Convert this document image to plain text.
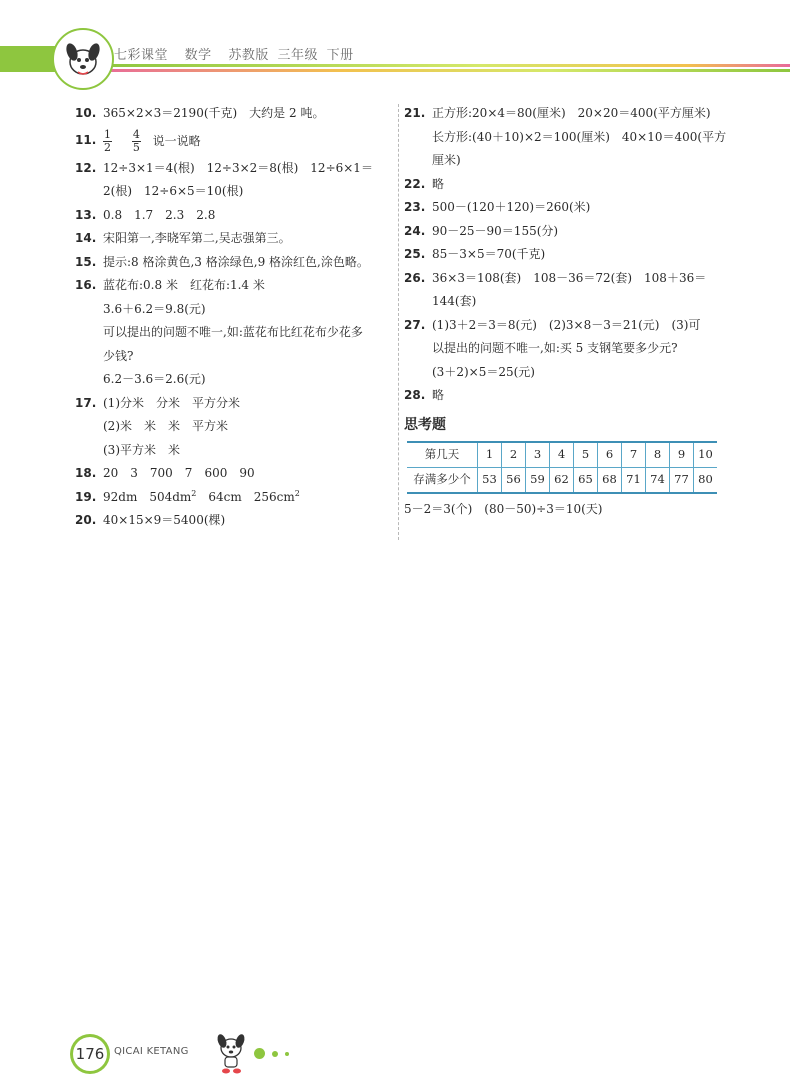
七彩课堂 数学 苏教版 三年级 下册
10. 365×2×3＝2190(千克)　大约是 2 吨。
11. $\frac{1}{2}$
$\frac{4}{5}$ 说一说略
12. 12÷3×1＝4(根)　12÷3×2＝8(根)　12÷6×1＝
2(根)　12÷6×5＝10(根)
13. 0.8　1.7　2.3　2.8
14. 宋阳第一,李晓军第二,吴志强第三。
15. 提示:8 格涂黄色,3 格涂绿色,9 格涂红色,涂色略。
16. 蓝花布:0.8 米　红花布:1.4 米
3.6＋6.2＝9.8(元)
可以提出的问题不唯一,如:蓝花布比红花布少花多
少钱?
6.2－3.6＝2.6(元)
17. (1)分米　分米　平方分米
(2)米　米　米　平方米
(3)平方米　米
18. 20　3　700　7　600　90
19. 92dm　$504dm^2$　64cm　$256cm^2$
20. 40×15×9＝5400(棵)
21. 正方形:20×4＝80(厘米)　20×20＝400(平方厘米)
长方形:(40＋10)×2＝100(厘米)　40×10＝400(平方
厘米)
22. 略
23. 500－(120＋120)＝260(米)
24. 90－25－90＝155(分)
25. 85－3×5＝70(千克)
26. 36×3＝108(套)　108－36＝72(套)　108＋36＝
144(套)
27. (1)3＋2＝3＝8(元)　(2)3×8－3＝21(元)　(3)可
以提出的问题不唯一,如:买 5 支钢笔要多少元?
(3＋2)×5＝25(元)
28. 略
思考题
第几天	1	2	3	4	5	6	7	8	9	10
存满多少个	53	56	59	62	65	68	71	74	77	80
5－2＝3(个)　(80－50)÷3＝10(天)
176 QICAI KETANG
